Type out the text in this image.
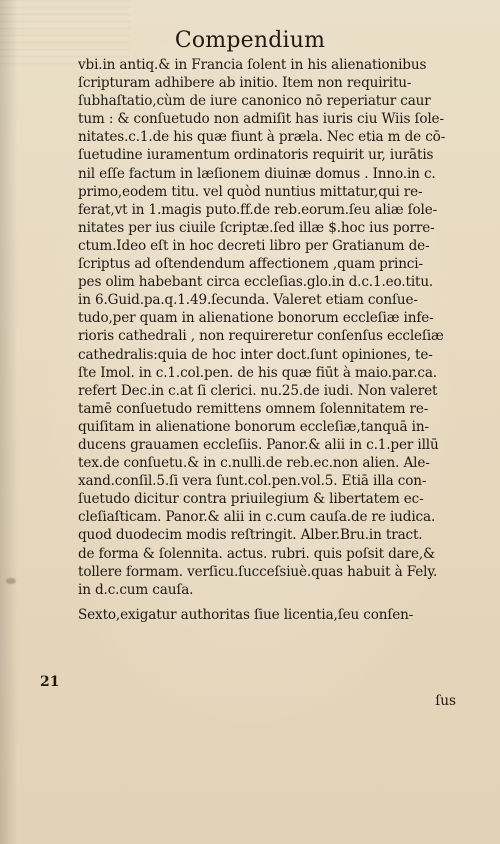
Compendium
vbi.in antiq.& in Francia ſolent in his alienationibus
ſcripturam adhibere ab initio. Item non requiritu-
ſubhaſtatio,cùm de iure canonico nō reperiatur caur
tum : & conſuetudo non admiſit has iuris ciu Wiis ſole-
nitates.c.1.de his quæ fiunt à præla. Nec etia m de cō-
ſuetudine iuramentum ordinatoris requirit ur, iurātis
nil eſſe factum in læſionem diuinæ domus . Inno.in c.
primo,eodem titu. vel quòd nuntius mittatur,qui re-
ferat,vt in 1.magis puto.ff.de reb.eorum.ſeu aliæ ſole-
nitates per ius ciuile ſcriptæ.ſed illæ $.hoc ius porre-
ctum.Ideo eſt in hoc decreti libro per Gratianum de-
ſcriptus ad oſtendendum affectionem ,quam princi-
pes olim habebant circa eccleſias.glo.in d.c.1.eo.titu.
in 6.Guid.pa.q.1.49.ſecunda. Valeret etiam conſue-
tudo,per quam in alienatione bonorum eccleſiæ infe-
rioris cathedrali , non requireretur conſenſus eccleſiæ
cathedralis:quia de hoc inter doct.ſunt opiniones, te-
ſte Imol. in c.1.col.pen. de his quæ fiūt à maio.par.ca.
refert Dec.in c.at ſi clerici. nu.25.de iudi. Non valeret
tamē conſuetudo remittens omnem ſolennitatem re-
quiſitam in alienatione bonorum eccleſiæ,tanquā in-
ducens grauamen eccleſiis. Panor.& alii in c.1.per illū
tex.de conſuetu.& in c.nulli.de reb.ec.non alien. Ale-
xand.conſil.5.ſi vera ſunt.col.pen.vol.5. Etiā illa con-
ſuetudo dicitur contra priuilegium & libertatem ec-
cleſiaſticam. Panor.& alii in c.cum cauſa.de re iudica.
quod duodecim modis reſtringit. Alber.Bru.in tract.
de forma & ſolennita. actus. rubri. quis poſsit dare,&
tollere formam. verſicu.ſucceſsiuè.quas habuit à Fely.
in d.c.cum cauſa.
Sexto,exigatur authoritas ſiue licentia,ſeu conſen-
21
ſus
